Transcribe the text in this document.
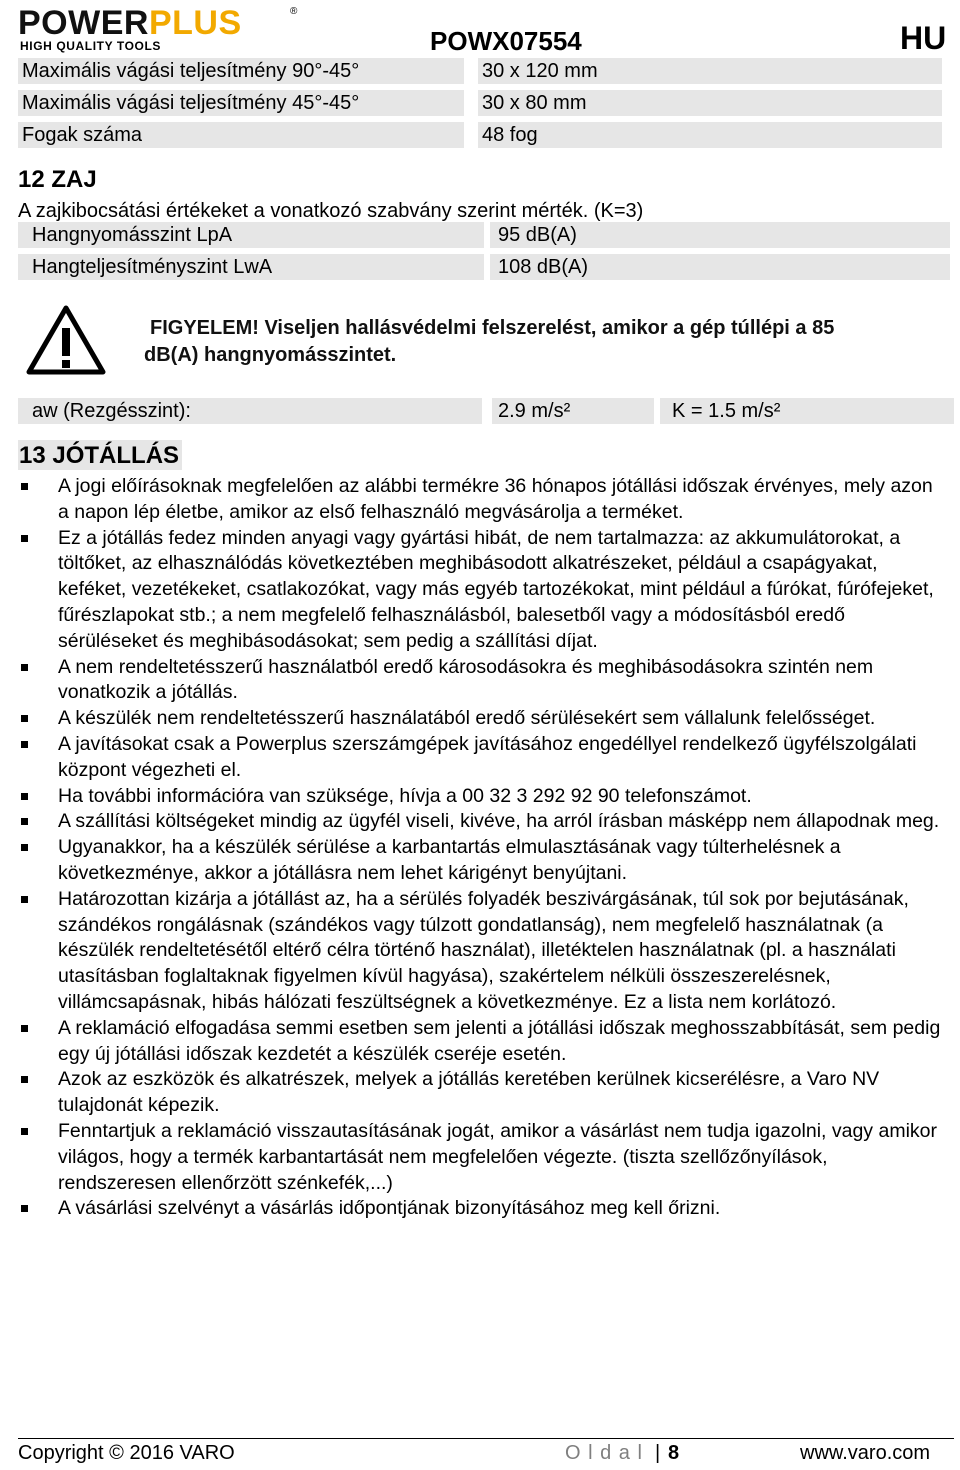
POWERPLUS	®
HIGH QUALITY TOOLS	POWX07554	HU
Maximális vágási teljesítmény 90°-45°	30 x 120 mm
Maximális vágási teljesítmény 45°-45°	30 x 80 mm
Fogak száma	48 fog
12 ZAJ
A zajkibocsátási értékeket a vonatkozó szabvány szerint mérték. (K=3)
Hangnyomásszint LpA	95 dB(A)
Hangteljesítményszint LwA	108 dB(A)
FIGYELEM! Viseljen hallásvédelmi felszerelést, amikor a gép túllépi a 85
dB(A) hangnyomásszintet.
aw (Rezgésszint):	2.9 m/s²	K = 1.5 m/s²
13 JÓTÁLLÁS
A jogi előírásoknak megfelelően az alábbi termékre 36 hónapos jótállási időszak érvényes, mely azon a napon lép életbe, amikor az első felhasználó megvásárolja a terméket.
Ez a jótállás fedez minden anyagi vagy gyártási hibát, de nem tartalmazza: az akkumulátorokat, a töltőket, az elhasználódás következtében meghibásodott alkatrészeket, például a csapágyakat, keféket, vezetékeket, csatlakozókat, vagy más egyéb tartozékokat, mint például a fúrókat, fúrófejeket, fűrészlapokat stb.; a nem megfelelő felhasználásból, balesetből vagy a módosításból eredő sérüléseket és meghibásodásokat; sem pedig a szállítási díjat.
A nem rendeltetésszerű használatból eredő károsodásokra és meghibásodásokra szintén nem vonatkozik a jótállás.
A készülék nem rendeltetésszerű használatából eredő sérülésekért sem vállalunk felelősséget.
A javításokat csak a Powerplus szerszámgépek javításához engedéllyel rendelkező ügyfélszolgálati központ végezheti el.
Ha további információra van szüksége, hívja a 00 32 3 292 92 90 telefonszámot.
A szállítási költségeket mindig az ügyfél viseli, kivéve, ha arról írásban másképp nem állapodnak meg.
Ugyanakkor, ha a készülék sérülése a karbantartás elmulasztásának vagy túlterhelésnek a következménye, akkor a jótállásra nem lehet kárigényt benyújtani.
Határozottan kizárja a jótállást az, ha a sérülés folyadék beszivárgásának, túl sok por bejutásának, szándékos rongálásnak (szándékos vagy túlzott gondatlanság), nem megfelelő használatnak (a készülék rendeltetésétől eltérő célra történő használat), illetéktelen használatnak (pl. a használati utasításban foglaltaknak figyelmen kívül hagyása), szakértelem nélküli összeszerelésnek, villámcsapásnak, hibás hálózati feszültségnek a következménye. Ez a lista nem korlátozó.
A reklamáció elfogadása semmi esetben sem jelenti a jótállási időszak meghosszabbítását, sem pedig egy új jótállási időszak kezdetét a készülék cseréje esetén.
Azok az eszközök és alkatrészek, melyek a jótállás keretében kerülnek kicserélésre, a Varo NV tulajdonát képezik.
Fenntartjuk a reklamáció visszautasításának jogát, amikor a vásárlást nem tudja igazolni, vagy amikor világos, hogy a termék karbantartását nem megfelelően végezte. (tiszta szellőzőnyílások, rendszeresen ellenőrzött szénkefék,...)
A vásárlási szelvényt a vásárlás időpontjának bizonyításához meg kell őrizni.
Copyright © 2016 VARO	O l d a l | 8	www.varo.com
